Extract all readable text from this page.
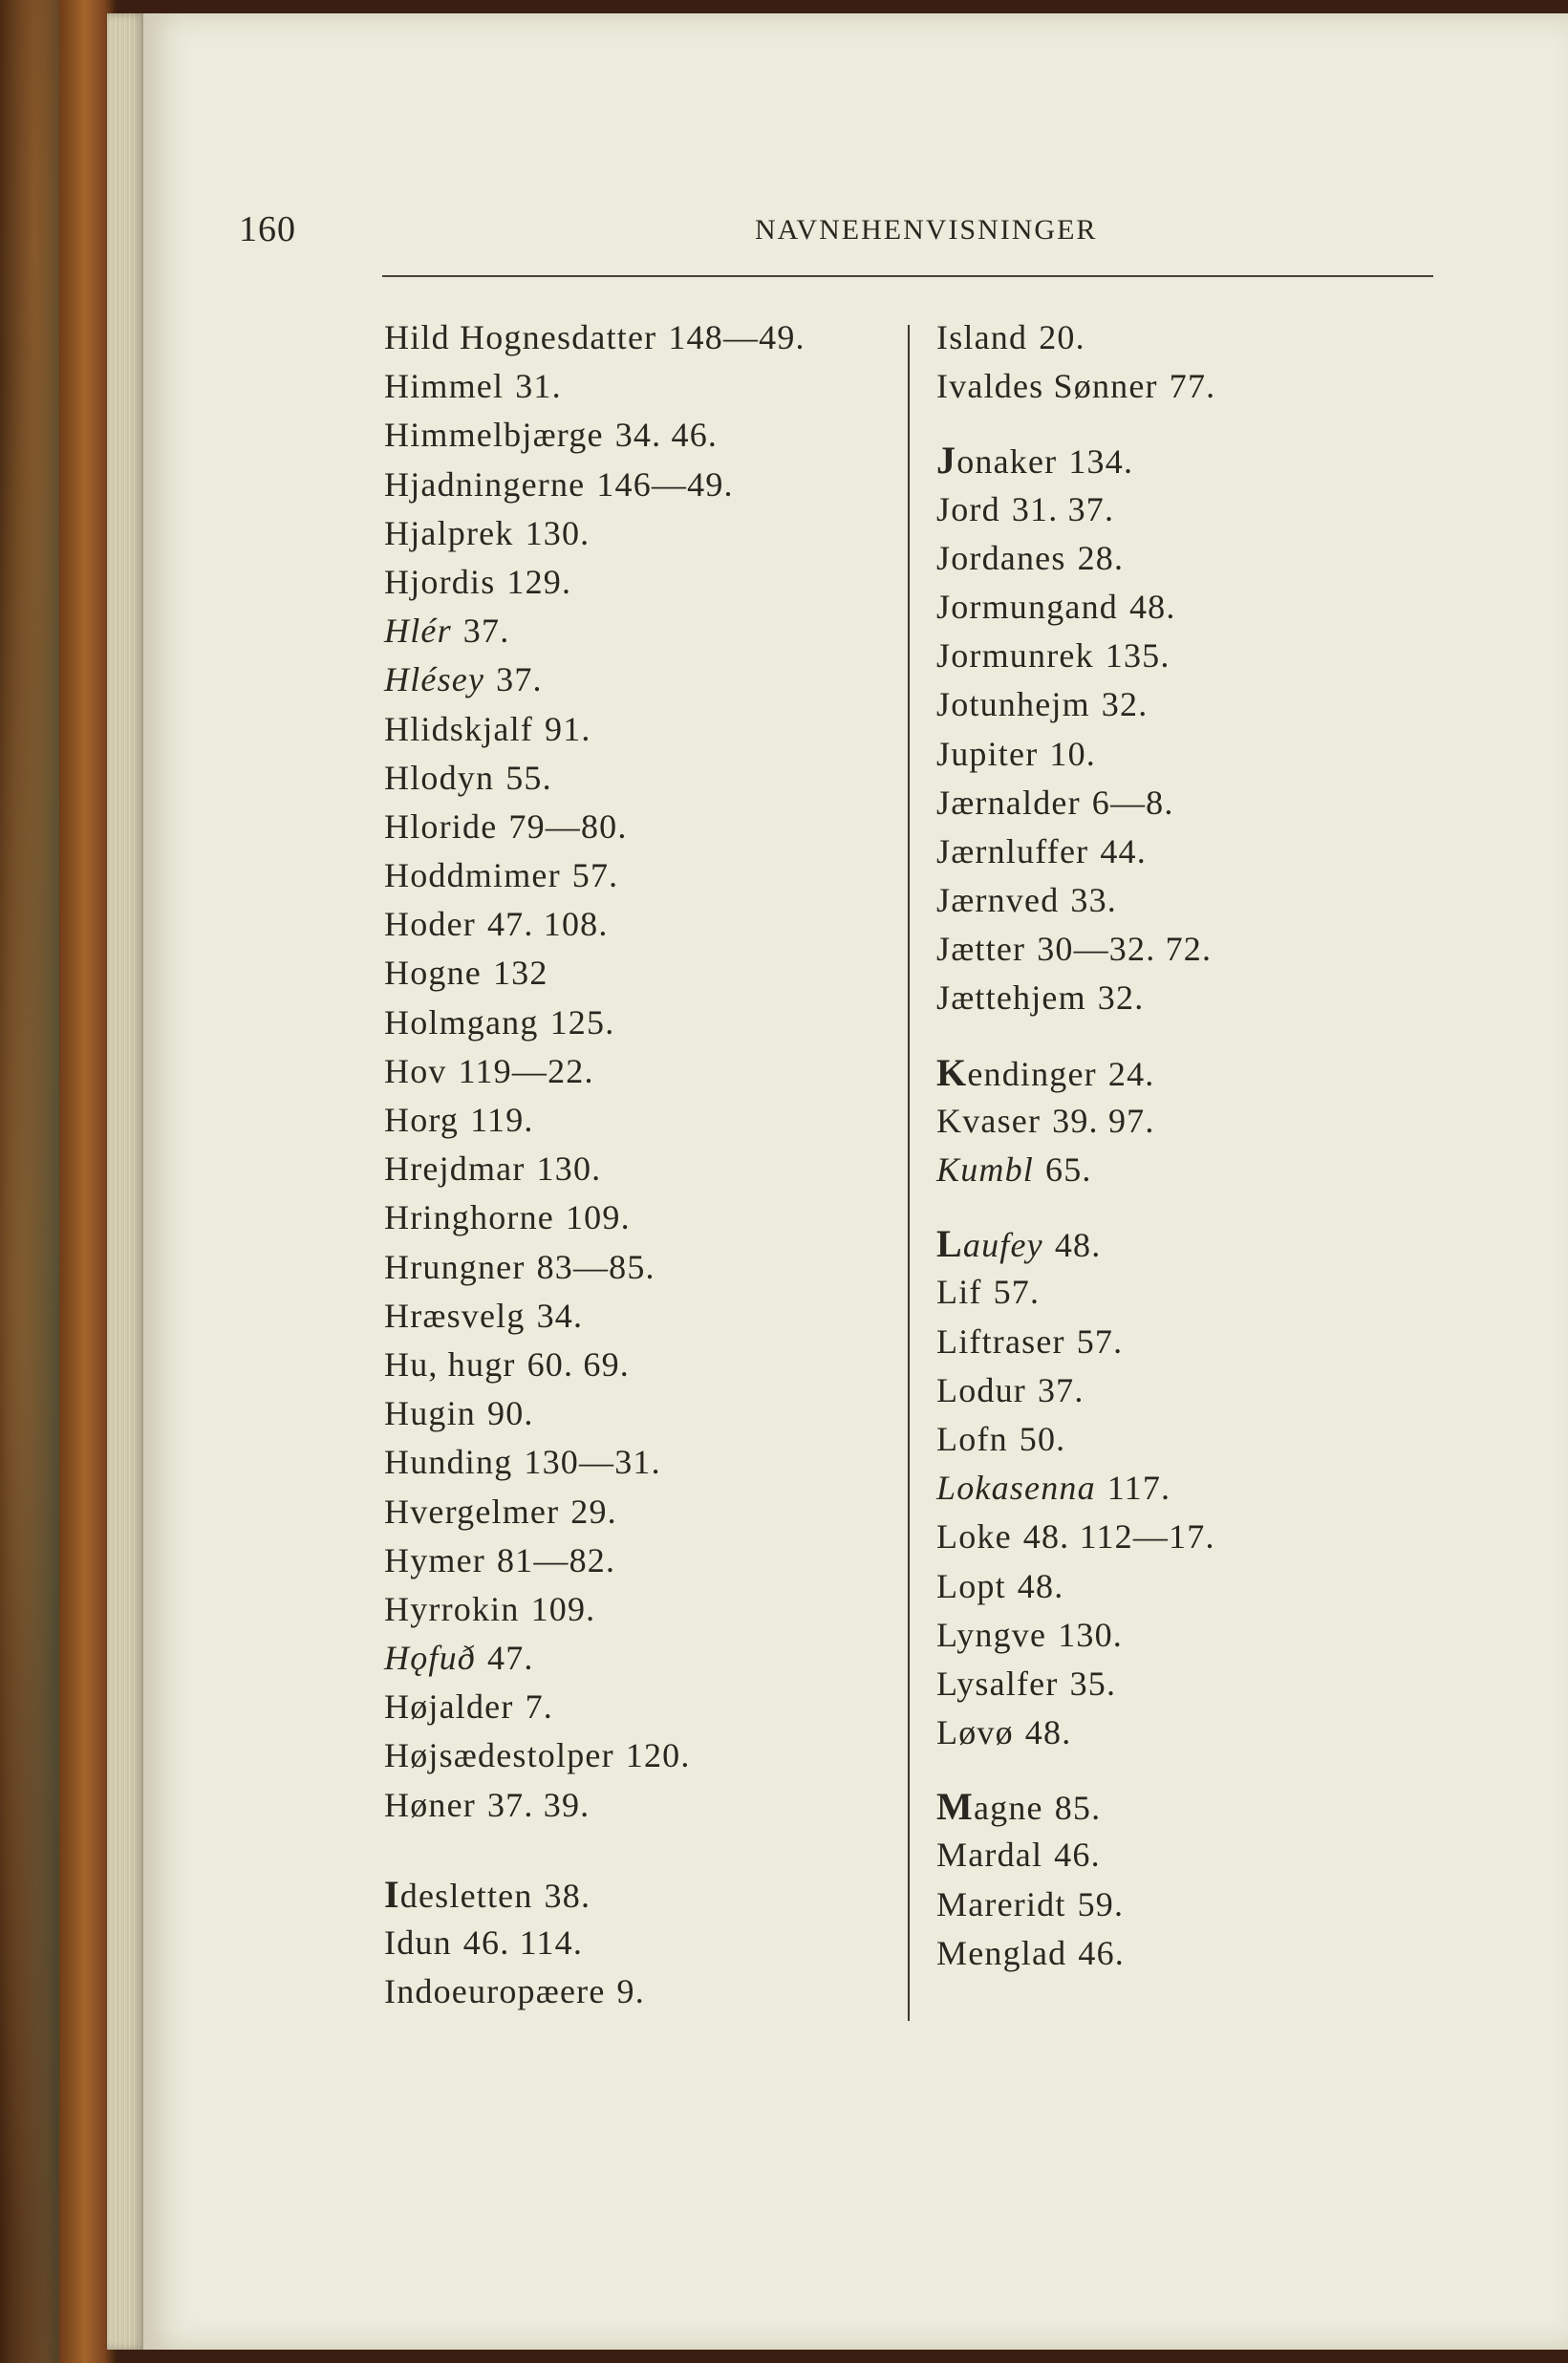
160	NAVNEHENVISNINGER
Hild Hognesdatter 148—49.
Himmel 31.
Himmelbjærge 34. 46.
Hjadningerne 146—49.
Hjalprek 130.
Hjordis 129.
Hlér 37.
Hlésey 37.
Hlidskjalf 91.
Hlodyn 55.
Hloride 79—80.
Hoddmimer 57.
Hoder 47. 108.
Hogne 132
Holmgang 125.
Hov 119—22.
Horg 119.
Hrejdmar 130.
Hringhorne 109.
Hrungner 83—85.
Hræsvelg 34.
Hu, hugr 60. 69.
Hugin 90.
Hunding 130—31.
Hvergelmer 29.
Hymer 81—82.
Hyrrokin 109.
Hǫfuð 47.
Højalder 7.
Højsædestolper 120.
Høner 37. 39.
Idesletten 38.
Idun 46. 114.
Indoeuropæere 9.
Island 20.
Ivaldes Sønner 77.
Jonaker 134.
Jord 31. 37.
Jordanes 28.
Jormungand 48.
Jormunrek 135.
Jotunhejm 32.
Jupiter 10.
Jærnalder 6—8.
Jærnluffer 44.
Jærnved 33.
Jætter 30—32. 72.
Jættehjem 32.
Kendinger 24.
Kvaser 39. 97.
Kumbl 65.
Laufey 48.
Lif 57.
Liftraser 57.
Lodur 37.
Lofn 50.
Lokasenna 117.
Loke 48. 112—17.
Lopt 48.
Lyngve 130.
Lysalfer 35.
Løvø 48.
Magne 85.
Mardal 46.
Mareridt 59.
Menglad 46.
